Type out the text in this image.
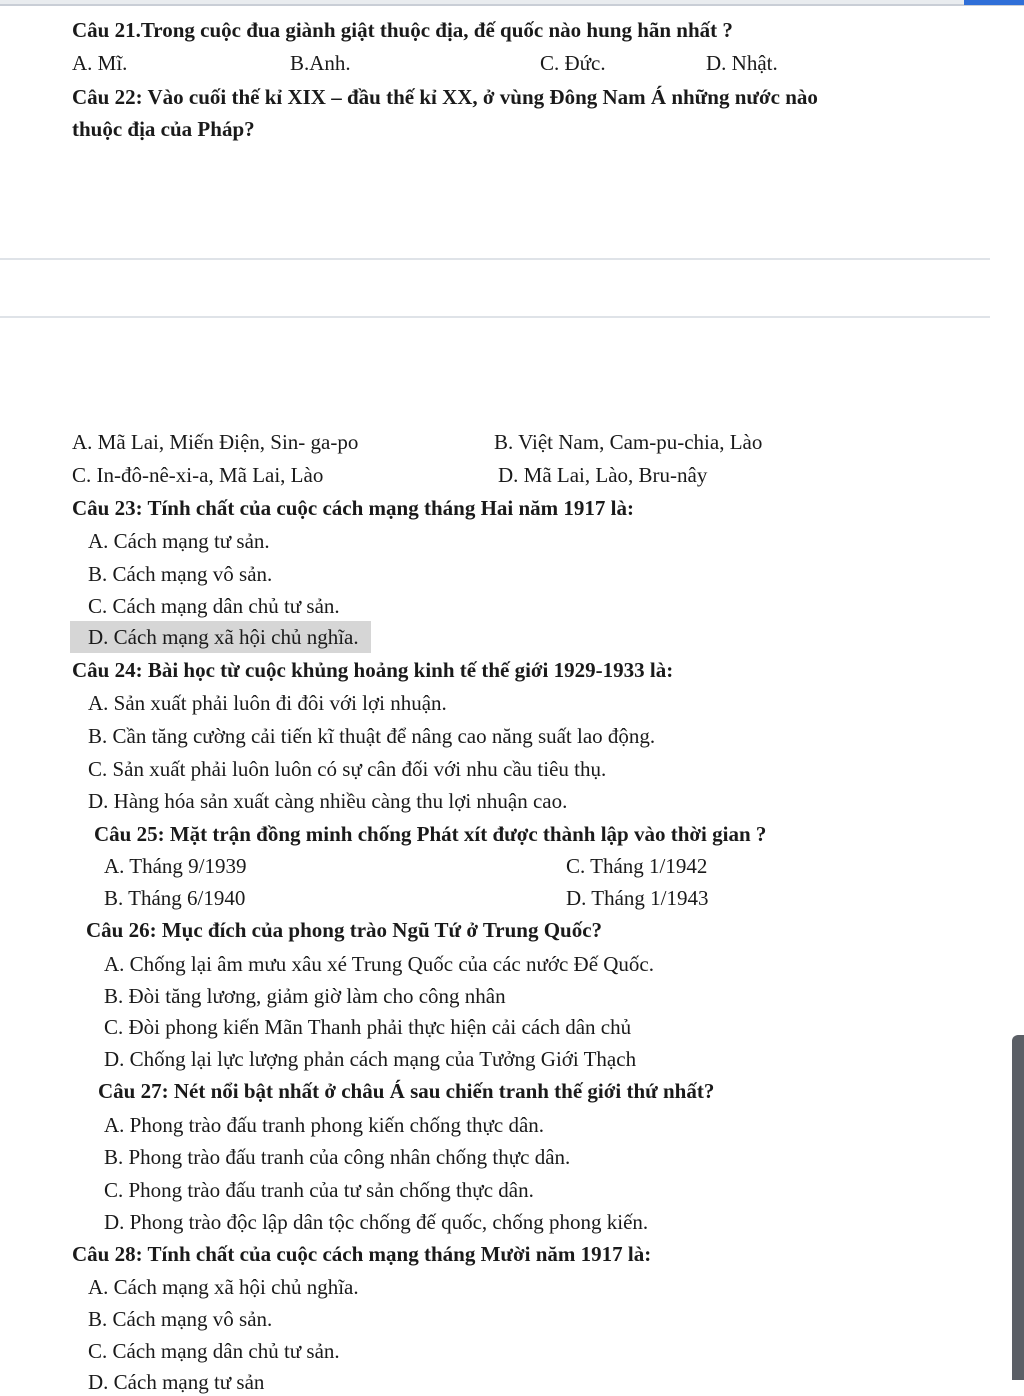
Câu 21.Trong cuộc đua giành giật thuộc địa, đế quốc nào hung hãn nhất ?
A. Mĩ.	B.Anh.	C. Đức.	D. Nhật.
Câu 22: Vào cuối thế kỉ XIX – đầu thế kỉ XX, ở vùng Đông Nam Á những nước nào
thuộc địa của Pháp?
A. Mã Lai, Miến Điện, Sin- ga-po	B. Việt Nam, Cam-pu-chia, Lào
C. In-đô-nê-xi-a, Mã Lai, Lào	D. Mã Lai, Lào, Bru-nây
Câu 23: Tính chất của cuộc cách mạng tháng Hai năm 1917 là:
A. Cách mạng tư sản.
B. Cách mạng vô sản.
C. Cách mạng dân chủ tư sản.
D. Cách mạng xã hội chủ nghĩa.
Câu 24: Bài học từ cuộc khủng hoảng kinh tế thế giới 1929-1933 là:
A. Sản xuất phải luôn đi đôi với lợi nhuận.
B. Cần tăng cường cải tiến kĩ thuật để nâng cao năng suất lao động.
C. Sản xuất phải luôn luôn có sự cân đối với nhu cầu tiêu thụ.
D. Hàng hóa sản xuất càng nhiều càng thu lợi nhuận cao.
Câu 25: Mặt trận đồng minh chống Phát xít được thành lập vào thời gian ?
A. Tháng 9/1939	C. Tháng 1/1942
B. Tháng 6/1940	D. Tháng 1/1943
Câu 26: Mục đích của phong trào Ngũ Tứ ở Trung Quốc?
A. Chống lại âm mưu xâu xé Trung Quốc của các nước Đế Quốc.
B. Đòi tăng lương, giảm giờ làm cho công nhân
C. Đòi phong kiến Mãn Thanh phải thực hiện cải cách dân chủ
D. Chống lại lực lượng phản cách mạng của Tưởng Giới Thạch
Câu 27: Nét nổi bật nhất ở châu Á sau chiến tranh thế giới thứ nhất?
A. Phong trào đấu tranh phong kiến chống thực dân.
B. Phong trào đấu tranh của công nhân chống thực dân.
C. Phong trào đấu tranh của tư sản chống thực dân.
D. Phong trào độc lập dân tộc chống đế quốc, chống phong kiến.
Câu 28: Tính chất của cuộc cách mạng tháng Mười năm 1917 là:
A. Cách mạng xã hội chủ nghĩa.
B. Cách mạng vô sản.
C. Cách mạng dân chủ tư sản.
D. Cách mạng tư sản
